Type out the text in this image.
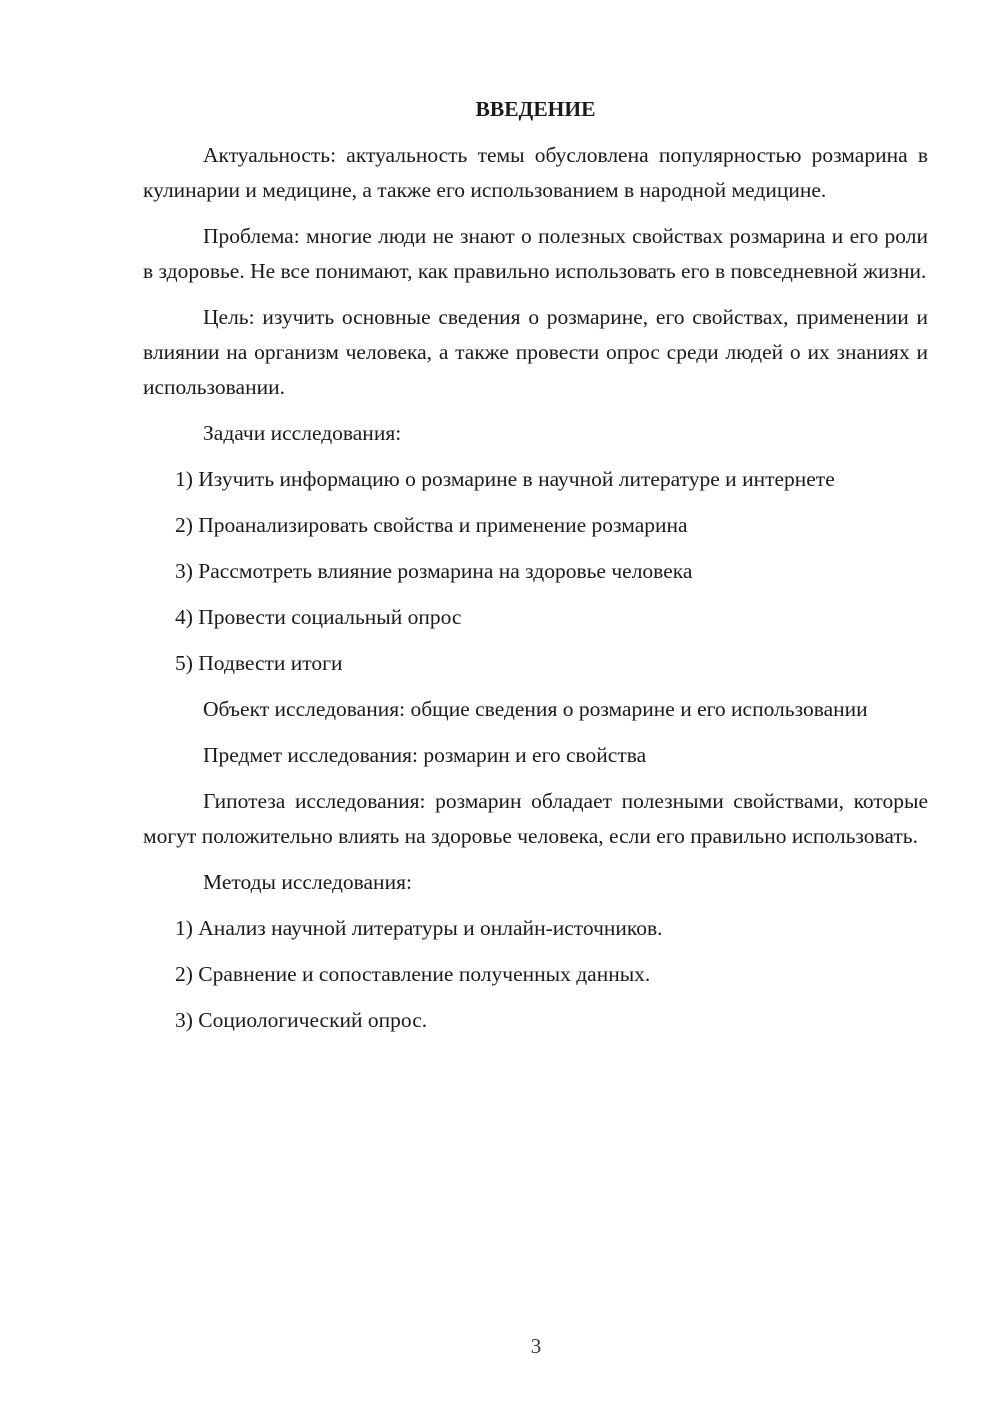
ВВЕДЕНИЕ

Актуальность: актуальность темы обусловлена популярностью розмарина в кулинарии и медицине, а также его использованием в народной медицине.

Проблема: многие люди не знают о полезных свойствах розмарина и его роли в здоровье. Не все понимают, как правильно использовать его в повседневной жизни.

Цель: изучить основные сведения о розмарине, его свойствах, применении и влиянии на организм человека, а также провести опрос среди людей о их знаниях и использовании.

Задачи исследования:

1) Изучить информацию о розмарине в научной литературе и интернете

2) Проанализировать свойства и применение розмарина

3) Рассмотреть влияние розмарина на здоровье человека

4) Провести социальный опрос

5) Подвести итоги

Объект исследования: общие сведения о розмарине и его использовании

Предмет исследования: розмарин и его свойства

Гипотеза исследования: розмарин обладает полезными свойствами, которые могут положительно влиять на здоровье человека, если его правильно использовать.

Методы исследования:

1) Анализ научной литературы и онлайн-источников.

2) Сравнение и сопоставление полученных данных.

3) Социологический опрос.

3
